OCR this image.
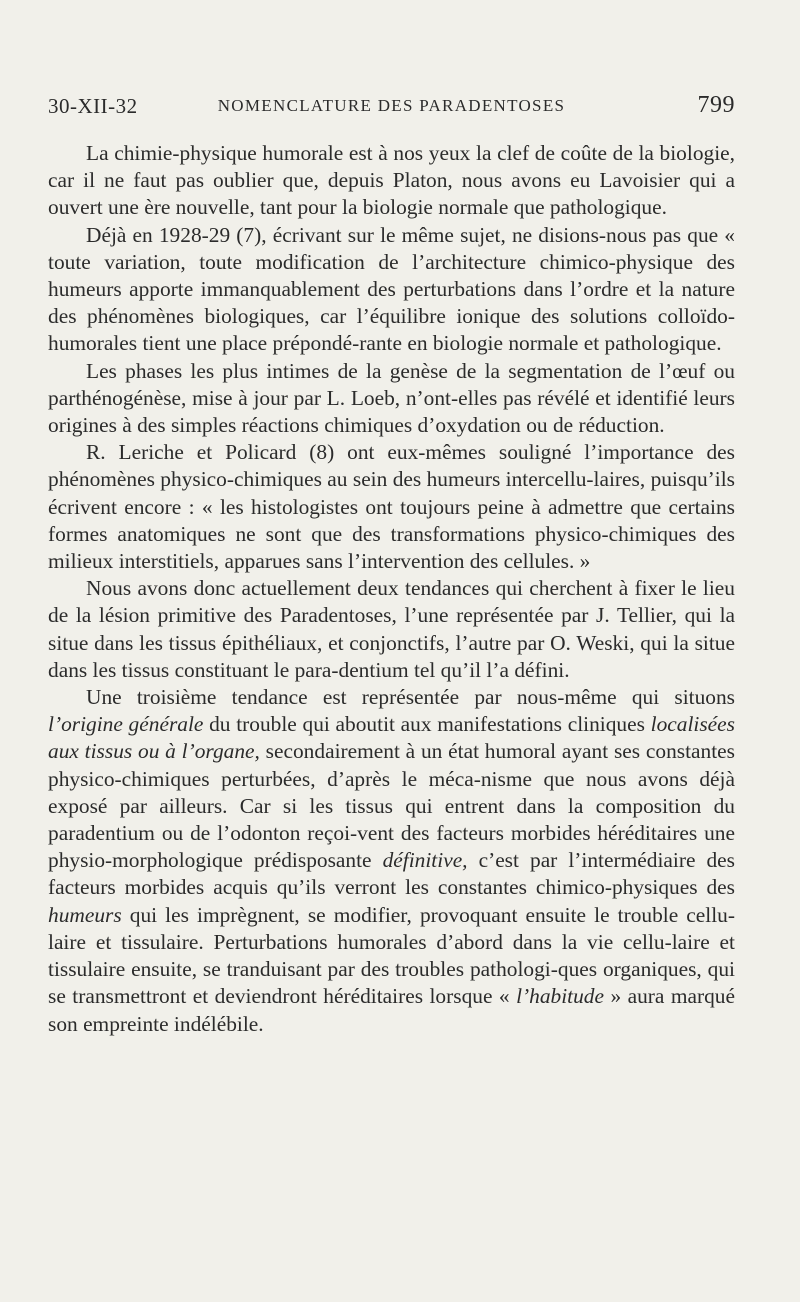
30-XII-32	NOMENCLATURE DES PARADENTOSES	799

La chimie-physique humorale est à nos yeux la clef de coûte de la biologie, car il ne faut pas oublier que, depuis Platon, nous avons eu Lavoisier qui a ouvert une ère nouvelle, tant pour la biologie normale que pathologique.

Déjà en 1928-29 (7), écrivant sur le même sujet, ne disions-nous pas que « toute variation, toute modification de l’architecture chimico-physique des humeurs apporte immanquablement des perturbations dans l’ordre et la nature des phénomènes biologiques, car l’équilibre ionique des solutions colloïdo-humorales tient une place prépondé-rante en biologie normale et pathologique.

Les phases les plus intimes de la genèse de la segmentation de l’œuf ou parthénogénèse, mise à jour par L. Loeb, n’ont-elles pas révélé et identifié leurs origines à des simples réactions chimiques d’oxydation ou de réduction.

R. Leriche et Policard (8) ont eux-mêmes souligné l’importance des phénomènes physico-chimiques au sein des humeurs intercellu-laires, puisqu’ils écrivent encore : « les histologistes ont toujours peine à admettre que certains formes anatomiques ne sont que des transformations physico-chimiques des milieux interstitiels, apparues sans l’intervention des cellules. »

Nous avons donc actuellement deux tendances qui cherchent à fixer le lieu de la lésion primitive des Paradentoses, l’une représentée par J. Tellier, qui la situe dans les tissus épithéliaux, et conjonctifs, l’autre par O. Weski, qui la situe dans les tissus constituant le para-dentium tel qu’il l’a défini.

Une troisième tendance est représentée par nous-même qui situons l’origine générale du trouble qui aboutit aux manifestations cliniques localisées aux tissus ou à l’organe, secondairement à un état humoral ayant ses constantes physico-chimiques perturbées, d’après le méca-nisme que nous avons déjà exposé par ailleurs. Car si les tissus qui entrent dans la composition du paradentium ou de l’odonton reçoi-vent des facteurs morbides héréditaires une physio-morphologique prédisposante définitive, c’est par l’intermédiaire des facteurs morbides acquis qu’ils verront les constantes chimico-physiques des humeurs qui les imprègnent, se modifier, provoquant ensuite le trouble cellu-laire et tissulaire. Perturbations humorales d’abord dans la vie cellu-laire et tissulaire ensuite, se tranduisant par des troubles pathologi-ques organiques, qui se transmettront et deviendront héréditaires lorsque « l’habitude » aura marqué son empreinte indélébile.
